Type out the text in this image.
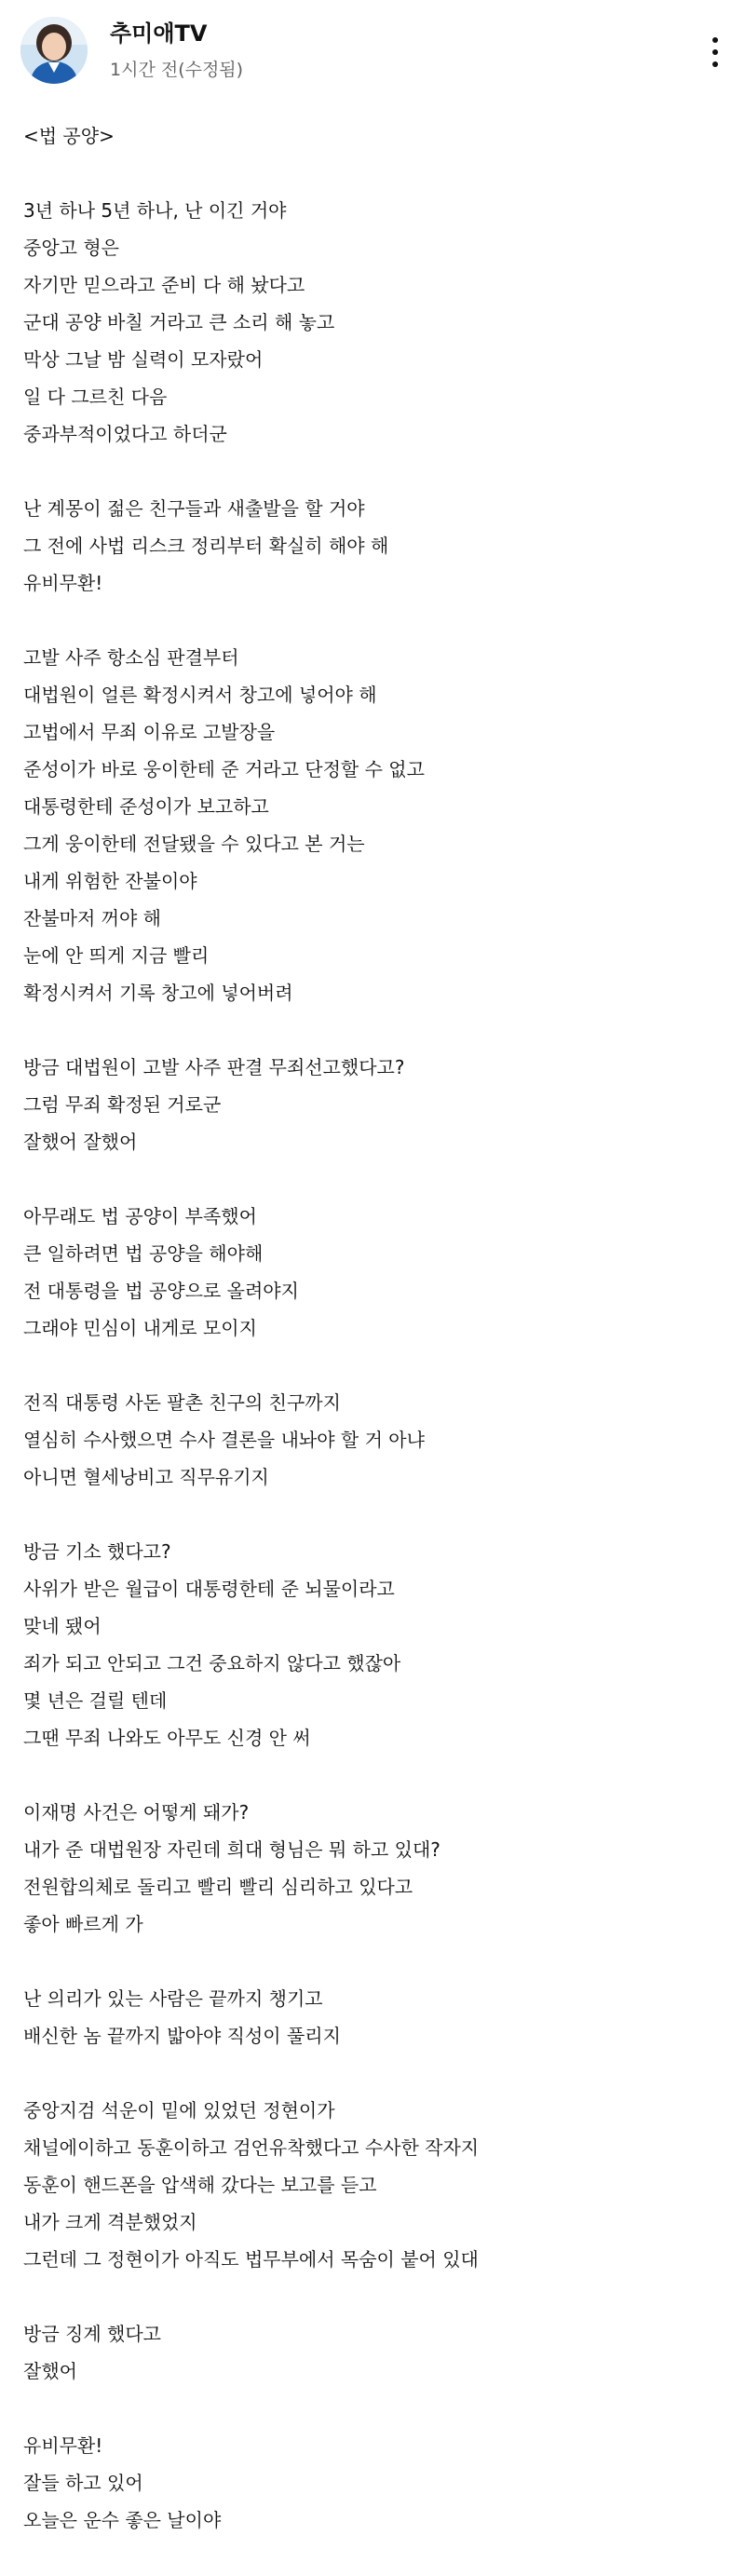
추미애TV
1시간 전(수정됨)
<법 공양>
3년 하나 5년 하나, 난 이긴 거야
중앙고 형은
자기만 믿으라고 준비 다 해 놨다고
군대 공양 바칠 거라고 큰 소리 해 놓고
막상 그날 밤 실력이 모자랐어
일 다 그르친 다음
중과부적이었다고 하더군
난 계몽이 젊은 친구들과 새출발을 할 거야
그 전에 사법 리스크 정리부터 확실히 해야 해
유비무환!
고발 사주 항소심 판결부터
대법원이 얼른 확정시켜서 창고에 넣어야 해
고법에서 무죄 이유로 고발장을
준성이가 바로 웅이한테 준 거라고 단정할 수 없고
대통령한테 준성이가 보고하고
그게 웅이한테 전달됐을 수 있다고 본 거는
내게 위험한 잔불이야
잔불마저 꺼야 해
눈에 안 띄게 지금 빨리
확정시켜서 기록 창고에 넣어버려
방금 대법원이 고발 사주 판결 무죄선고했다고?
그럼 무죄 확정된 거로군
잘했어 잘했어
아무래도 법 공양이 부족했어
큰 일하려면 법 공양을 해야해
전 대통령을 법 공양으로 올려야지
그래야 민심이 내게로 모이지
전직 대통령 사돈 팔촌 친구의 친구까지
열심히 수사했으면 수사 결론을 내놔야 할 거 아냐
아니면 혈세낭비고 직무유기지
방금 기소 했다고?
사위가 받은 월급이 대통령한테 준 뇌물이라고
맞네 됐어
죄가 되고 안되고 그건 중요하지 않다고 했잖아
몇 년은 걸릴 텐데
그땐 무죄 나와도 아무도 신경 안 써
이재명 사건은 어떻게 돼가?
내가 준 대법원장 자린데 희대 형님은 뭐 하고 있대?
전원합의체로 돌리고 빨리 빨리 심리하고 있다고
좋아 빠르게 가
난 의리가 있는 사람은 끝까지 챙기고
배신한 놈 끝까지 밟아야 직성이 풀리지
중앙지검 석운이 밑에 있었던 정현이가
채널에이하고 동훈이하고 검언유착했다고 수사한 작자지
동훈이 핸드폰을 압색해 갔다는 보고를 듣고
내가 크게 격분했었지
그런데 그 정현이가 아직도 법무부에서 목숨이 붙어 있대
방금 징계 했다고
잘했어
유비무환!
잘들 하고 있어
오늘은 운수 좋은 날이야
